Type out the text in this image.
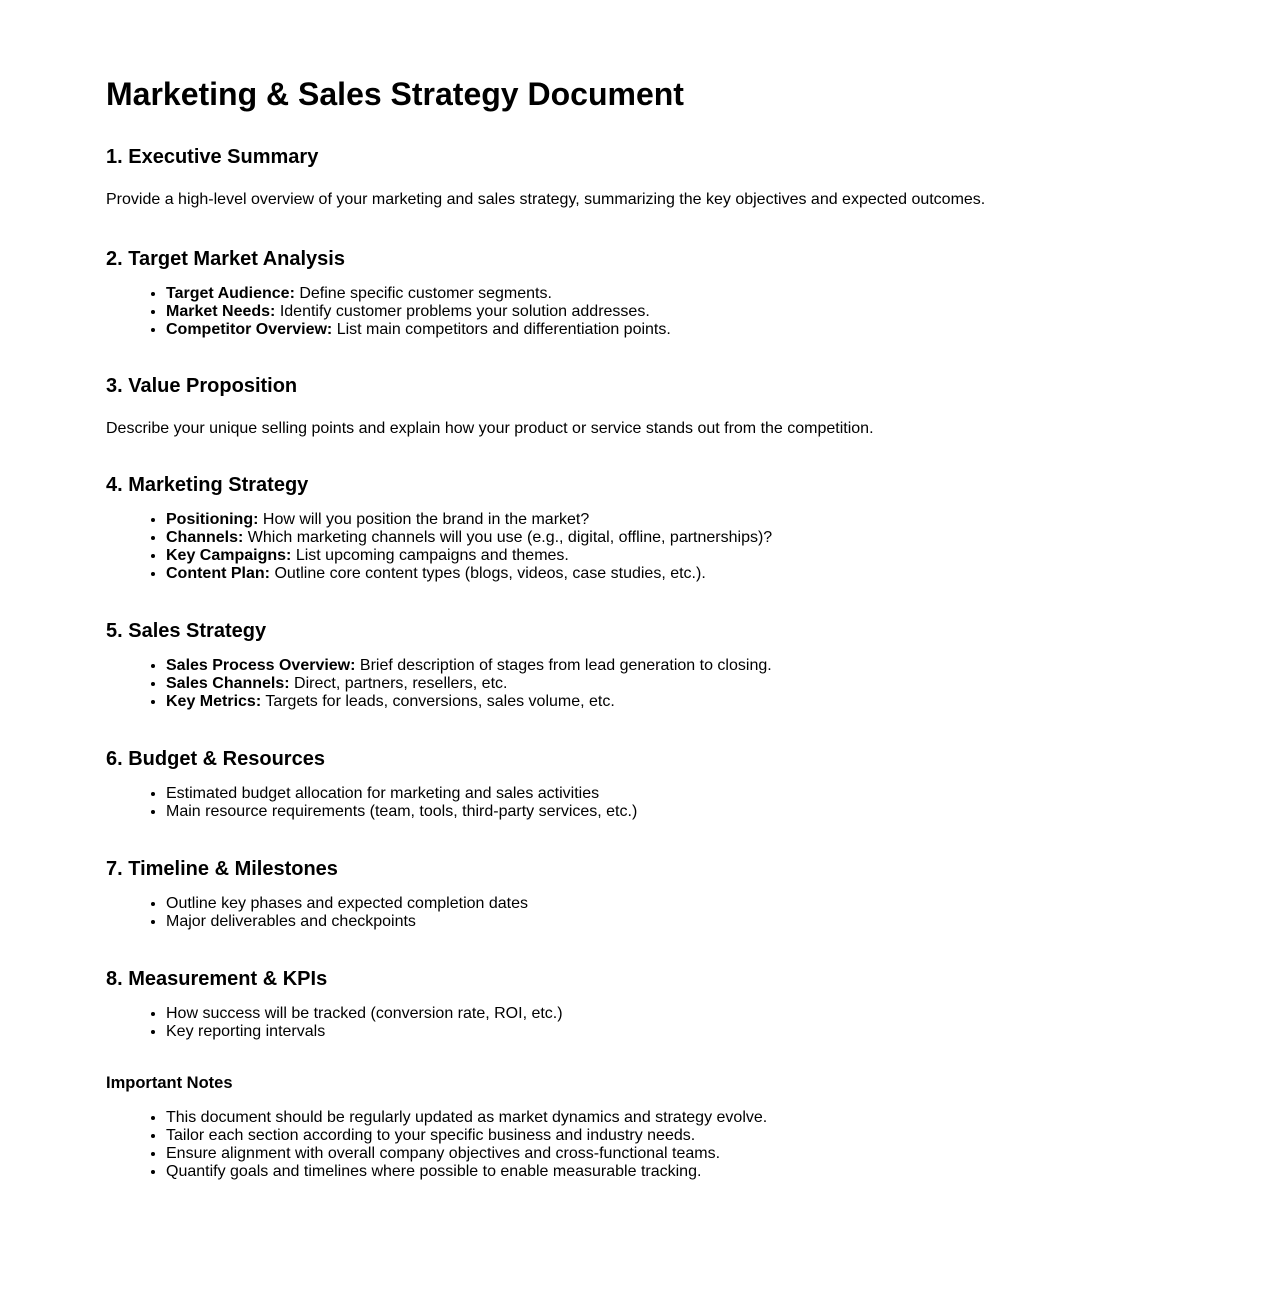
Marketing & Sales Strategy Document
1. Executive Summary

Provide a high-level overview of your marketing and sales strategy, summarizing the key objectives and expected outcomes.

2. Target Market Analysis
• Target Audience: Define specific customer segments.
• Market Needs: Identify customer problems your solution addresses.
• Competitor Overview: List main competitors and differentiation points.
3. Value Proposition

Describe your unique selling points and explain how your product or service stands out from the competition.

4. Marketing Strategy
• Positioning: How will you position the brand in the market?
• Channels: Which marketing channels will you use (e.g., digital, offline, partnerships)?
• Key Campaigns: List upcoming campaigns and themes.
• Content Plan: Outline core content types (blogs, videos, case studies, etc.).
5. Sales Strategy
• Sales Process Overview: Brief description of stages from lead generation to closing.
• Sales Channels: Direct, partners, resellers, etc.
• Key Metrics: Targets for leads, conversions, sales volume, etc.
6. Budget & Resources
• Estimated budget allocation for marketing and sales activities
• Main resource requirements (team, tools, third-party services, etc.)
7. Timeline & Milestones
• Outline key phases and expected completion dates
• Major deliverables and checkpoints
8. Measurement & KPIs
• How success will be tracked (conversion rate, ROI, etc.)
• Key reporting intervals
Important Notes
• This document should be regularly updated as market dynamics and strategy evolve.
• Tailor each section according to your specific business and industry needs.
• Ensure alignment with overall company objectives and cross-functional teams.
• Quantify goals and timelines where possible to enable measurable tracking.
